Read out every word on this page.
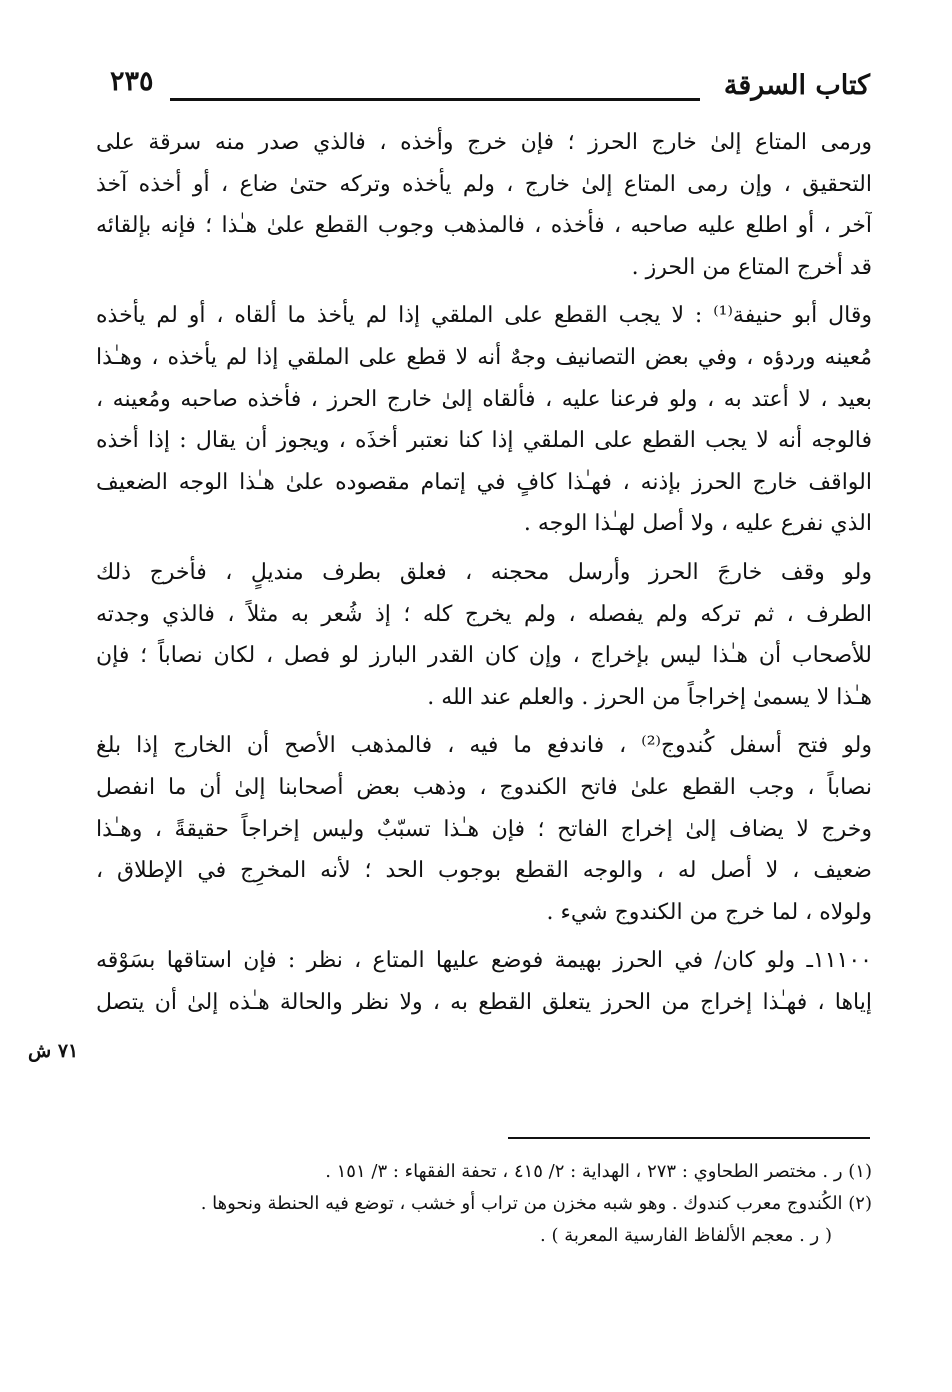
كتاب السرقة
٢٣٥
ورمى المتاع إلىٰ خارج الحرز ؛ فإن خرج وأخذه ، فالذي صدر منه سرقة على
التحقيق ، وإن رمى المتاع إلىٰ خارج ، ولم يأخذه وتركه حتىٰ ضاع ، أو أخذه آخذ
آخر ، أو اطلع عليه صاحبه ، فأخذه ، فالمذهب وجوب القطع علىٰ هـٰذا ؛ فإنه بإلقائه
قد أخرج المتاع من الحرز .
وقال أبو حنيفة⁽¹⁾ : لا يجب القطع على الملقي إذا لم يأخذ ما ألقاه ، أو لم يأخذه
مُعينه وردؤه ، وفي بعض التصانيف وجهٌ أنه لا قطع على الملقي إذا لم يأخذه ، وهـٰذا
بعيد ، لا أعتد به ، ولو فرعنا عليه ، فألقاه إلىٰ خارج الحرز ، فأخذه صاحبه ومُعينه ،
فالوجه أنه لا يجب القطع على الملقي إذا كنا نعتبر أخذَه ، ويجوز أن يقال : إذا أخذه
الواقف خارج الحرز بإذنه ، فهـٰذا كافٍ في إتمام مقصوده علىٰ هـٰذا الوجه الضعيف
الذي نفرع عليه ، ولا أصل لهـٰذا الوجه .
ولو وقف خارجَ الحرز وأرسل محجنه ، فعلق بطرف منديلٍ ، فأخرج ذلك
الطرف ، ثم تركه ولم يفصله ، ولم يخرج كله ؛ إذ شُعر به مثلاً ، فالذي وجدته
للأصحاب أن هـٰذا ليس بإخراج ، وإن كان القدر البارز لو فصل ، لكان نصاباً ؛ فإن
هـٰذا لا يسمىٰ إخراجاً من الحرز . والعلم عند الله .
ولو فتح أسفل كُندوج⁽²⁾ ، فاندفع ما فيه ، فالمذهب الأصح أن الخارج إذا بلغ
نصاباً ، وجب القطع علىٰ فاتح الكندوج ، وذهب بعض أصحابنا إلىٰ أن ما انفصل
وخرج لا يضاف إلىٰ إخراج الفاتح ؛ فإن هـٰذا تسبّبٌ وليس إخراجاً حقيقةً ، وهـٰذا
ضعيف ، لا أصل له ، والوجه القطع بوجوب الحد ؛ لأنه المخرِج في الإطلاق ،
ولولاه ، لما خرج من الكندوج شيء .
١١١٠٠ـ ولو كان/ في الحرز بهيمة فوضع عليها المتاع ، نظر : فإن استاقها بسَوْقه
إياها ، فهـٰذا إخراج من الحرز يتعلق القطع به ، ولا نظر والحالة هـٰذه إلىٰ أن يتصل
٧١ ش
(١) ر . مختصر الطحاوي : ٢٧٣ ، الهداية : ٢/ ٤١٥ ، تحفة الفقهاء : ٣/ ١٥١ .
(٢) الكُندوج معرب كندوك . وهو شبه مخزن من تراب أو خشب ، توضع فيه الحنطة ونحوها .
( ر . معجم الألفاظ الفارسية المعربة ) .
